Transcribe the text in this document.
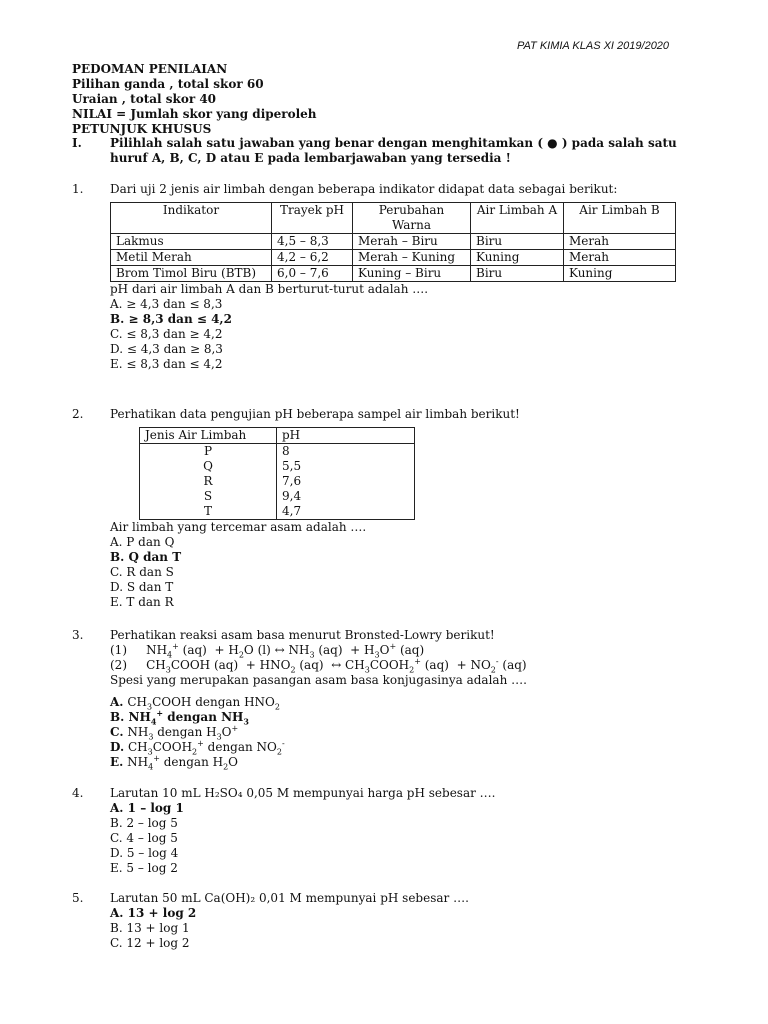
PAT KIMIA KLAS XI 2019/2020
PEDOMAN PENILAIAN
Pilihan ganda , total skor 60
Uraian , total skor 40
NILAI = Jumlah skor yang diperoleh
PETUNJUK KHUSUS
I. Pilihlah salah satu jawaban yang benar dengan menghitamkan ( ● ) pada salah satu huruf A, B, C, D atau E pada lembarjawaban yang tersedia !
1. Dari uji 2 jenis air limbah dengan beberapa indikator didapat data sebagai berikut:
Indikator	Trayek pH	Perubahan Warna	Air Limbah A	Air Limbah B
Lakmus	4,5 – 8,3	Merah – Biru	Biru	Merah
Metil Merah	4,2 – 6,2	Merah – Kuning	Kuning	Merah
Brom Timol Biru (BTB)	6,0 – 7,6	Kuning – Biru	Biru	Kuning
pH dari air limbah A dan B berturut-turut adalah ….
A. ≥ 4,3 dan ≤ 8,3
B. ≥ 8,3 dan ≤ 4,2
C. ≤ 8,3 dan ≥ 4,2
D. ≤ 4,3 dan ≥ 8,3
E. ≤ 8,3 dan ≤ 4,2
2. Perhatikan data pengujian pH beberapa sampel air limbah berikut!
Jenis Air Limbah	pH
P	8
Q	5,5
R	7,6
S	9,4
T	4,7
Air limbah yang tercemar asam adalah ….
A. P dan Q
B. Q dan T
C. R dan S
D. S dan T
E. T dan R
3. Perhatikan reaksi asam basa menurut Bronsted-Lowry berikut!
(1)     $NH_4^+$ $(aq) + H_2O$ (l) ↔ $NH_3$ $(aq) + H_3O^+$ (aq)
(2)     $CH_3COOH$ $(aq) + HNO_2$ (aq)  ↔ $CH_3COOH_2^+$ $(aq) + NO_2^-$ (aq)
Spesi yang merupakan pasangan asam basa konjugasinya adalah ….
A. $CH_3COOH$ dengan $HNO_2$
B. $NH_4^+$ dengan $NH_3$
C. $NH_3$ dengan $H_3O^+$
D. $CH_3COOH_2^+$ dengan $NO_2^-$
E. $NH_4^+$ dengan $H_2O$
4. Larutan 10 mL H₂SO₄ 0,05 M mempunyai harga pH sebesar ….
A. 1 – log 1
B. 2 – log 5
C. 4 – log 5
D. 5 – log 4
E. 5 – log 2
5. Larutan 50 mL Ca(OH)₂ 0,01 M mempunyai pH sebesar ….
A. 13 + log 2
B. 13 + log 1
C. 12 + log 2
